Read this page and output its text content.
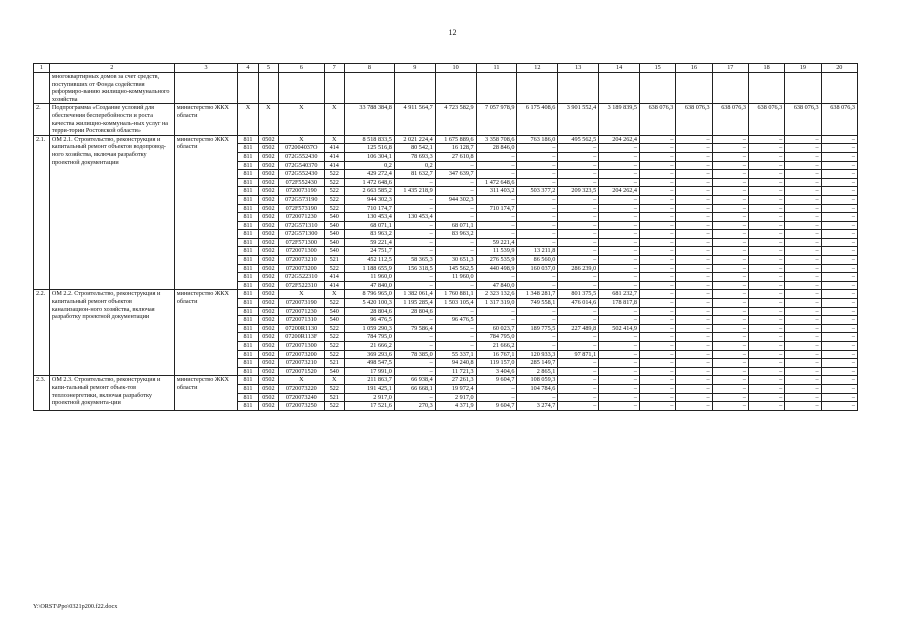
12
1	2	3	4	5	6	7	8	9	10	11	12	13	14	15	16	17	18	19	20
	многоквартирных домов за счет средств, поступивших от Фонда содействия реформиро-ванию жилищно-коммунального хозяйства																		
2.	Подпрограмма «Создание условий для обеспечения бесперебойности и роста качества жилищно-коммуналь-ных услуг на терри-тории Ростовской области»	министерство ЖКХ области	Х	Х	Х	Х	33 788 384,8	4 911 564,7	4 723 582,9	7 057 978,9	6 175 408,6	3 901 552,4	3 189 839,5	638 076,3	638 076,3	638 076,3	638 076,3	638 076,3	638 076,3
2.1.	ОМ 2.1. Строительство, реконструкция и капитальный ремонт объектов водопровод-ного хозяйства, включая разработку проектной документации	министерство ЖКХ области	811	0502	Х	Х	8 518 833,5	2 021 224,4	1 675 889,6	3 358 708,6	763 186,0	495 562,5	204 262,4	–	–	–	–	–	–
			811	0502	072004037О	414	125 516,8	80 542,1	16 128,7	28 846,0	–	–	–	–	–	–	–	–	–
			811	0502	072G552430	414	106 304,1	78 693,3	27 610,8	–	–	–	–	–	–	–	–	–	–
			811	0502	072G540370	414	0,2	0,2	–	–	–	–	–	–	–	–	–	–	–
			811	0502	072G552430	522	429 272,4	81 632,7	347 639,7	–	–	–	–	–	–	–	–	–	–
			811	0502	072F552430	522	1 472 648,6	–	–	1 472 648,6	–	–	–	–	–	–	–	–	–
			811	0502	0720073190	522	2 663 585,2	1 435 218,9	–	311 403,2	503 377,2	209 323,5	204 262,4	–	–	–	–	–	–
			811	0502	072G573190	522	944 302,3	–	944 302,3	–	–	–	–	–	–	–	–	–	–
			811	0502	072F573190	522	710 174,7	–	–	710 174,7	–	–	–	–	–	–	–	–	–
			811	0502	0720071230	540	130 453,4	130 453,4	–	–	–	–	–	–	–	–	–	–	–
			811	0502	072G571310	540	68 071,1	–	68 071,1	–	–	–	–	–	–	–	–	–	–
			811	0502	072G571300	540	83 963,2	–	83 963,2	–	–	–	–	–	–	–	–	–	–
			811	0502	072F571300	540	59 221,4	–	–	59 221,4	–	–	–	–	–	–	–	–	–
			811	0502	0720071300	540	24 751,7	–	–	11 539,9	13 211,8	–	–	–	–	–	–	–	–
			811	0502	0720073210	521	452 112,5	58 365,3	30 651,3	276 535,9	86 560,0	–	–	–	–	–	–	–	–
			811	0502	0720073200	522	1 188 655,9	156 318,5	145 562,5	440 498,9	160 037,0	286 239,0	–	–	–	–	–	–	–
			811	0502	072G522310	414	11 960,0	–	11 960,0	–	–	–	–	–	–	–	–	–	–
			811	0502	072F522310	414	47 840,0	–	–	47 840,0	–	–	–	–	–	–	–	–	–
2.2.	ОМ 2.2. Строительство, реконструкция и капитальный ремонт объектов канализацион-ного хозяйства, включая разработку проектной документации	министерство ЖКХ области	811	0502	Х	Х	8 796 965,0	1 382 061,4	1 760 881,1	2 323 132,6	1 348 281,7	801 375,5	681 232,7	–	–	–	–	–	–
			811	0502	0720073190	522	5 420 100,3	1 195 285,4	1 503 105,4	1 317 319,0	749 558,1	476 014,6	178 817,8	–	–	–	–	–	–
			811	0502	0720071230	540	28 804,6	28 804,6	–	–	–	–	–	–	–	–	–	–	–
			811	0502	0720071310	540	96 476,5	–	96 476,5	–	–	–	–	–	–	–	–	–	–
			811	0502	07200R1130	522	1 059 290,3	79 586,4	–	60 023,7	189 775,5	227 489,8	502 414,9	–	–	–	–	–	–
			811	0502	07200R113F	522	784 795,0	–	–	784 795,0	–	–	–	–	–	–	–	–	–
			811	0502	0720071300	522	21 666,2	–	–	21 666,2	–	–	–	–	–	–	–	–	–
			811	0502	0720073200	522	369 293,6	78 385,0	55 337,1	16 767,1	120 933,3	97 871,1	–	–	–	–	–	–	–
			811	0502	0720073210	521	498 547,5	–	94 240,8	119 157,0	285 149,7	–	–	–	–	–	–	–	–
			811	0502	0720071520	540	17 991,0	–	11 721,3	3 404,6	2 865,1	–	–	–	–	–	–	–	–
2.3.	ОМ 2.3. Строительство, реконструкция и капи-тальный ремонт объек-тов теплоэнергетики, включая разработку проектной документа-ции	министерство ЖКХ области	811	0502	Х	Х	211 863,7	66 938,4	27 261,3	9 604,7	108 059,3	–	–	–	–	–	–	–	–
			811	0502	0720073220	522	191 425,1	66 668,1	19 972,4	–	104 784,6	–	–	–	–	–	–	–	–
			811	0502	0720073240	521	2 917,0	–	2 917,0	–	–	–	–	–	–	–	–	–	–
			811	0502	0720073250	522	17 521,6	270,3	4 371,9	9 604,7	3 274,7	–	–	–	–	–	–	–	–
Y:\ORST\Ppo\0321p200.f22.docx
